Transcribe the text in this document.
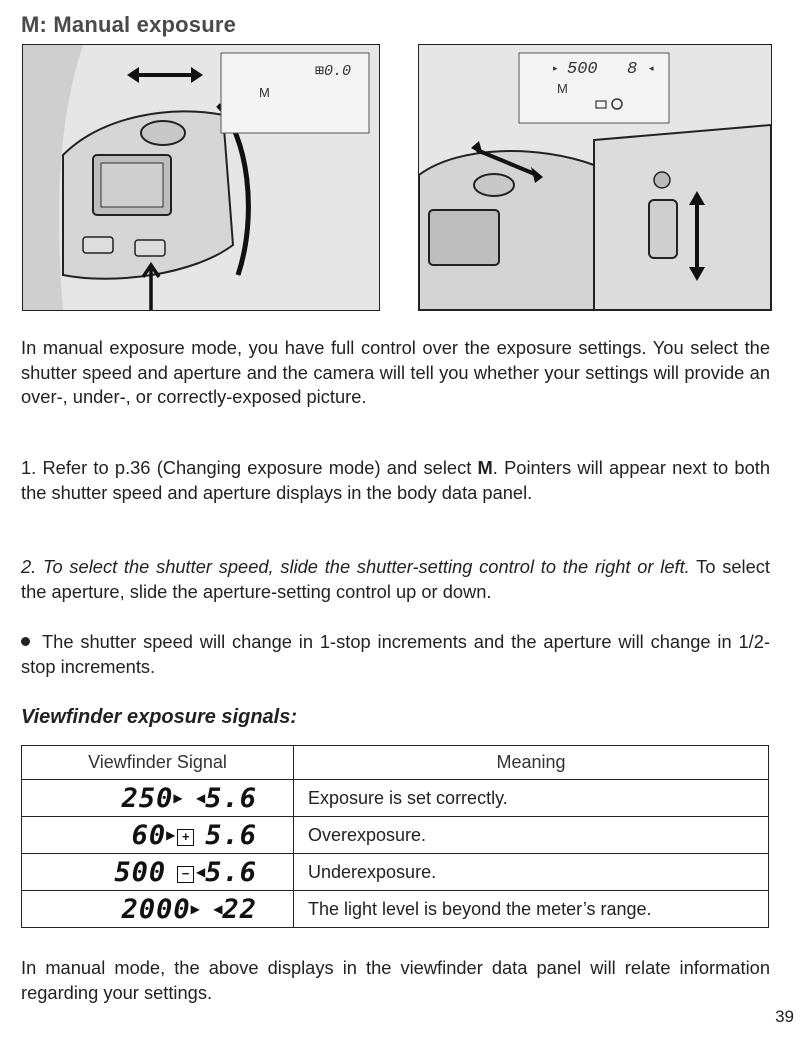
M: Manual exposure
M
⊞0.0	500 8
M
▸	◂

In manual exposure mode, you have full control over the exposure settings. You select the shutter speed and aperture and the camera will tell you whether your settings will provide an over-, under-, or correctly-exposed picture.

1. Refer to p.36 (Changing exposure mode) and select M. Pointers will appear next to both the shutter speed and aperture displays in the body data panel.

2. To select the shutter speed, slide the shutter-setting control to the right or left. To select the aperture, slide the aperture-setting control up or down.

The shutter speed will change in 1-stop increments and the aperture will change in 1/2-stop increments.

Viewfinder exposure signals:
Viewfinder Signal	Meaning
250▶ ◀5.6	Exposure is set correctly.
60▶ + 5.6	Overexposure.
500 − ◀5.6	Underexposure.
2000▶ ◀22	The light level is beyond the meter’s range.

In manual mode, the above displays in the viewfinder data panel will relate information regarding your settings.

39
